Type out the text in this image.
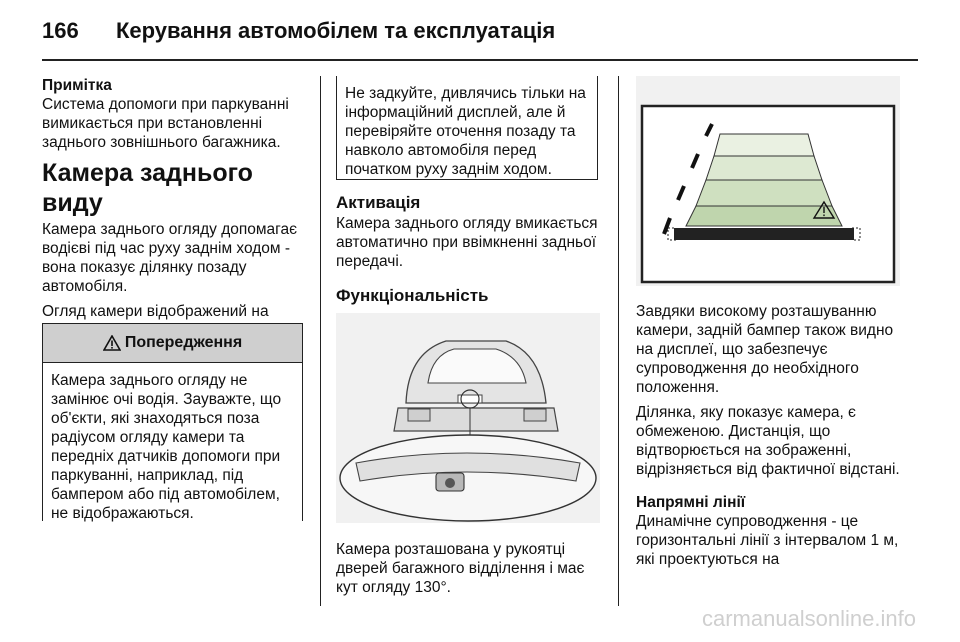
166 Керування автомобілем та експлуатація
Примітка

Система допомоги при паркуванні вимикається при встановленні заднього зовнішнього багажника.

Камера заднього виду

Камера заднього огляду допомагає водієві під час руху заднім ходом - вона показує ділянку позаду автомобіля.

Огляд камери відображений на

Попередження
Камера заднього огляду не замінює очі водія. Зауважте, що об'єкти, які знаходяться поза радіусом огляду камери та передніх датчиків допомоги при паркуванні, наприклад, під бампером або під автомобілем, не відображаються.
Не задкуйте, дивлячись тільки на інформаційний дисплей, але й перевіряйте оточення позаду та навколо автомобіля перед початком руху заднім ходом.
Активація

Камера заднього огляду вмикається автоматично при ввімкненні задньої передачі.

Функціональність

Камера розташована у рукоятці дверей багажного відділення і має кут огляду 130°.

Завдяки високому розташуванню камери, задній бампер також видно на дисплеї, що забезпечує супроводження до необхідного положення.

Ділянка, яку показує камера, є обмеженою. Дистанція, що відтворюється на зображенні, відрізняється від фактичної відстані.

Напрямні лінії

Динамічне супроводження - це горизонтальні лінії з інтервалом 1 м, які проектуються на

carmanualsonline.info
